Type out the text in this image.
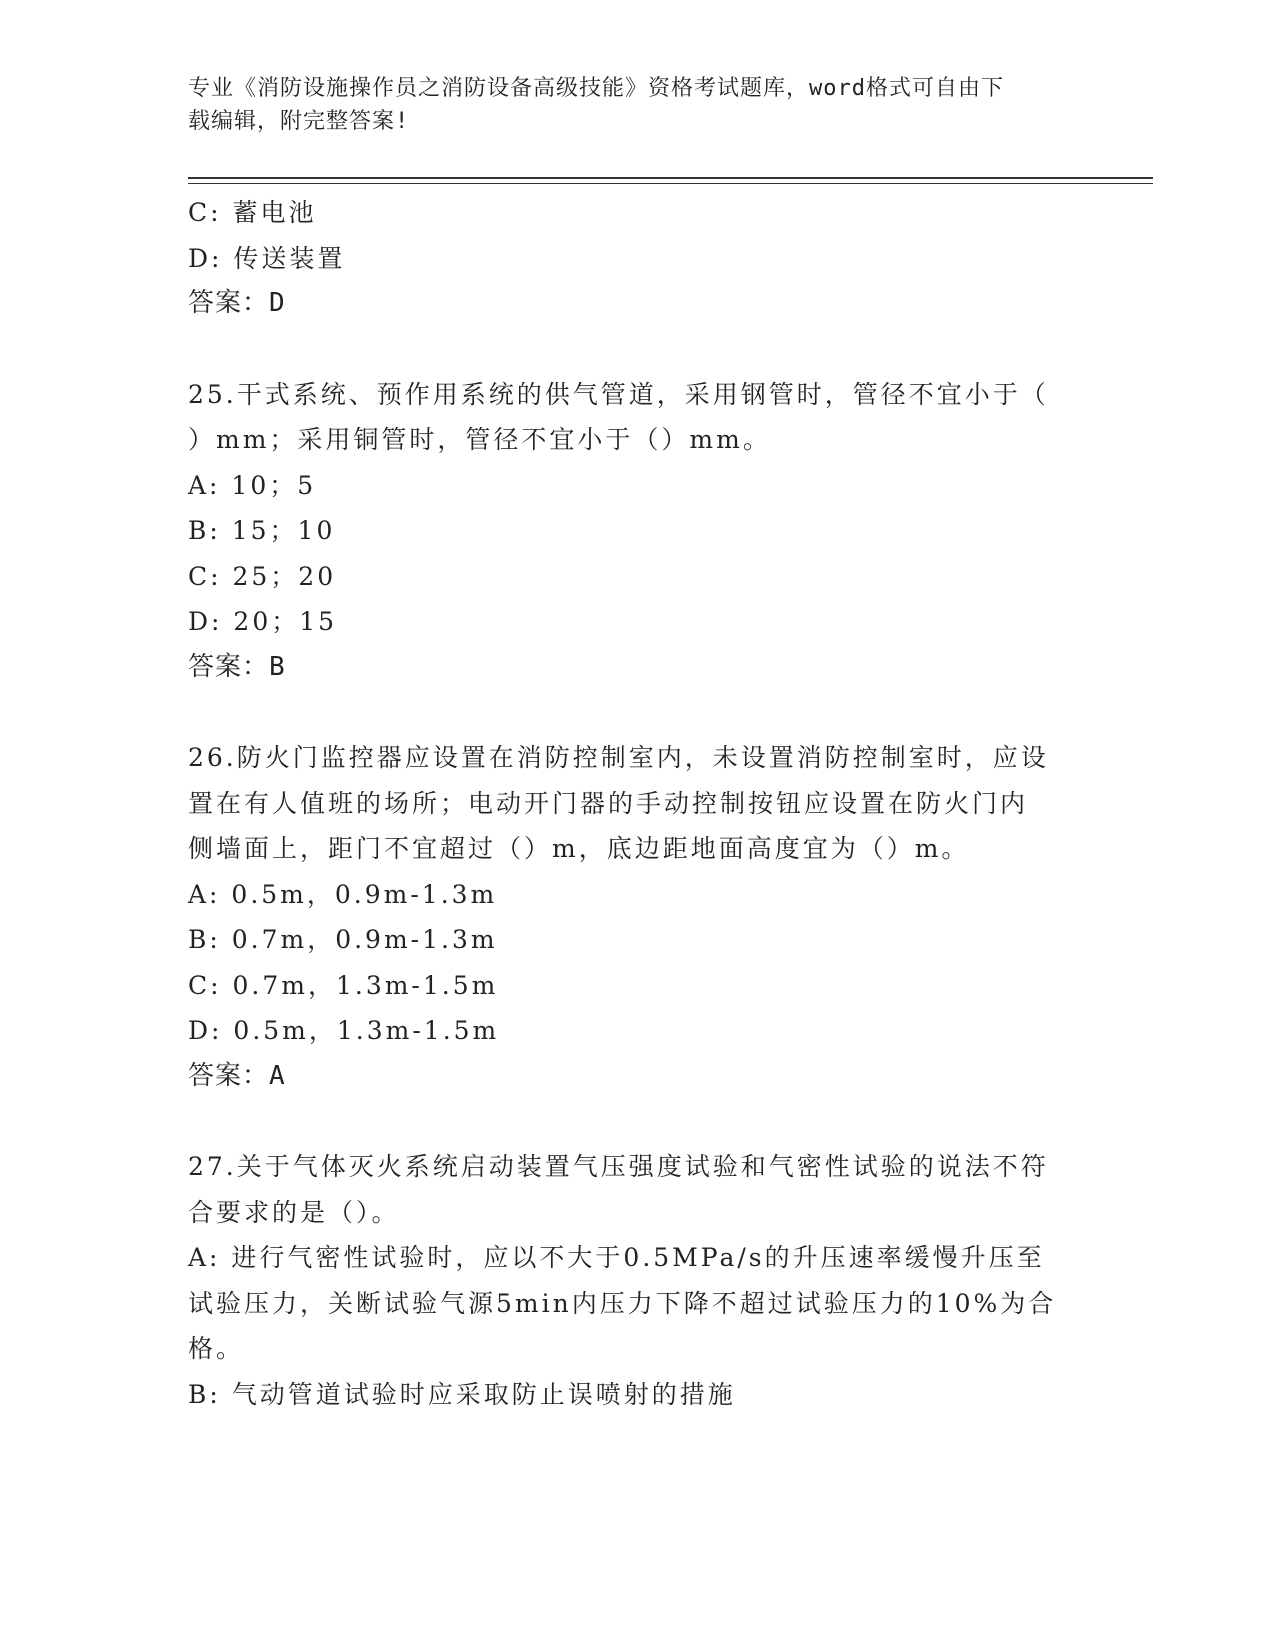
专业《消防设施操作员之消防设备高级技能》资格考试题库，word格式可自由下
载编辑，附完整答案!
C: 蓄电池
D: 传送装置
答案：D
25.干式系统、预作用系统的供气管道，采用钢管时，管径不宜小于（
）mm；采用铜管时，管径不宜小于（）mm。
A: 10；5
B: 15；10
C: 25；20
D: 20；15
答案：B
26.防火门监控器应设置在消防控制室内，未设置消防控制室时，应设
置在有人值班的场所；电动开门器的手动控制按钮应设置在防火门内
侧墙面上，距门不宜超过（）m，底边距地面高度宜为（）m。
A: 0.5m，0.9m-1.3m
B: 0.7m，0.9m-1.3m
C: 0.7m，1.3m-1.5m
D: 0.5m，1.3m-1.5m
答案：A
27.关于气体灭火系统启动装置气压强度试验和气密性试验的说法不符
合要求的是（）。
A: 进行气密性试验时，应以不大于0.5MPa/s的升压速率缓慢升压至
试验压力，关断试验气源5min内压力下降不超过试验压力的10%为合
格。
B: 气动管道试验时应采取防止误喷射的措施
